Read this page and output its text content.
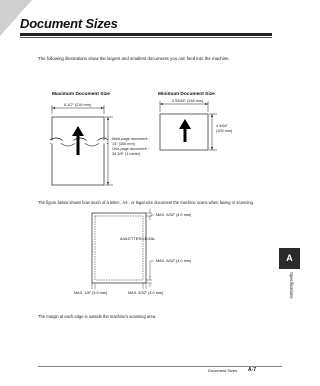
Document Sizes
The following illustrations show the largest and smallest documents you can feed into the machine.
Maximum Document Size	Minimum Document Size
8 1/2" (216 mm)
Multi-page document :
14" (356 mm)
One-page document :
39 3/8" (1 meter)
5 53/64" (148 mm)
4 9/64"
(105 mm)
The figure below shows how much of a letter-, A4-, or legal-size document the machine scans when faxing or scanning.
A4/LETTER/LEGAL
MAX. 5/32" (4.0 mm)
MAX. 5/32" (4.0 mm)
MAX. 1/8" (3.0 mm)	MAX. 5/32" (4.0 mm)
The margin at each edge is outside the machine's scanning area.
A
Specifications
Document Sizes A-7
